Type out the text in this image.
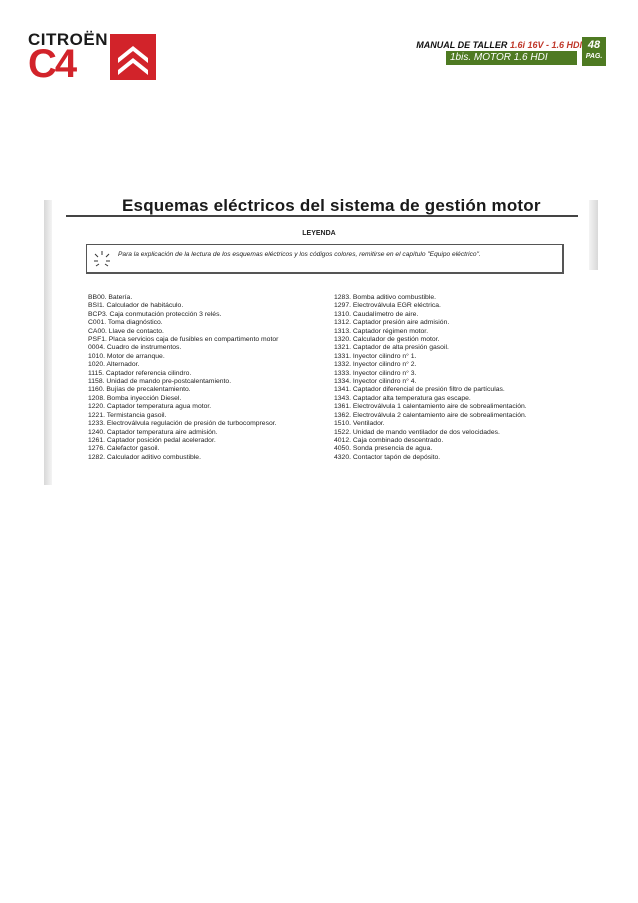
CITROËN
C4	MANUAL DE TALLER 1.6i 16V - 1.6 HDI
1bis. MOTOR 1.6 HDI
48
PAG.
Esquemas eléctricos del sistema de gestión motor
LEYENDA
Para la explicación de la lectura de los esquemas eléctricos y los códigos colores, remitirse en el capítulo "Equipo eléctrico".
BB00. Batería.
BSI1. Calculador de habitáculo.
BCP3. Caja conmutación protección 3 relés.
C001. Toma diagnóstico.
CA00. Llave de contacto.
PSF1. Placa servicios caja de fusibles en compartimento motor
0004. Cuadro de instrumentos.
1010. Motor de arranque.
1020. Alternador.
1115. Captador referencia cilindro.
1158. Unidad de mando pre-postcalentamiento.
1160. Bujías de precalentamiento.
1208. Bomba inyección Diesel.
1220. Captador temperatura agua motor.
1221. Termistancia gasoil.
1233. Electroválvula regulación de presión de turbocompresor.
1240. Captador temperatura aire admisión.
1261. Captador posición pedal acelerador.
1276. Calefactor gasoil.
1282. Calculador aditivo combustible.
1283. Bomba aditivo combustible.
1297. Electroválvula EGR eléctrica.
1310. Caudalímetro de aire.
1312. Captador presión aire admisión.
1313. Captador régimen motor.
1320. Calculador de gestión motor.
1321. Captador de alta presión gasoil.
1331. Inyector cilindro n° 1.
1332. Inyector cilindro n° 2.
1333. Inyector cilindro n° 3.
1334. Inyector cilindro n° 4.
1341. Captador diferencial de presión filtro de partículas.
1343. Captador alta temperatura gas escape.
1361. Electroválvula 1 calentamiento aire de sobrealimentación.
1362. Electroválvula 2 calentamiento aire de sobrealimentación.
1510. Ventilador.
1522. Unidad de mando ventilador de dos velocidades.
4012. Caja combinado descentrado.
4050. Sonda presencia de agua.
4320. Contactor tapón de depósito.
